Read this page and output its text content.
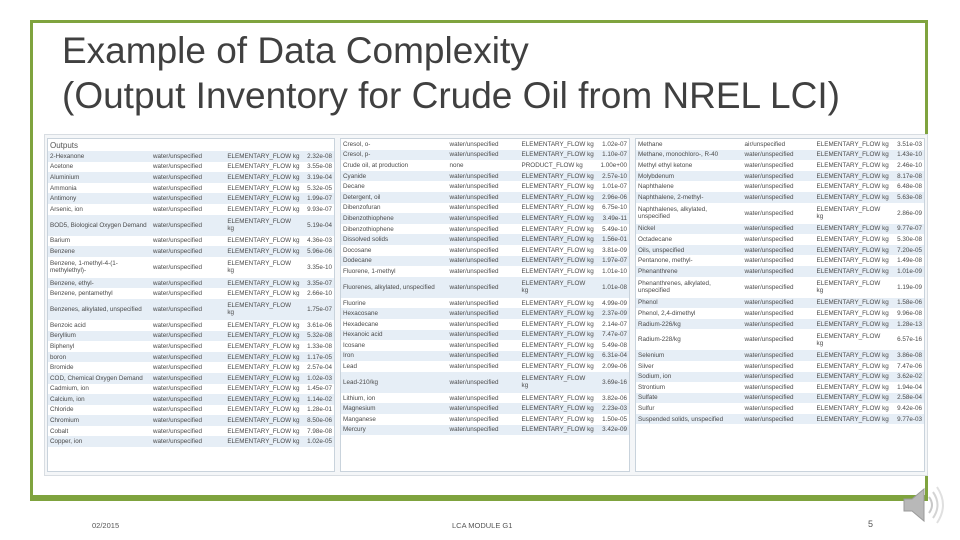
Example of Data Complexity
(Output Inventory for Crude Oil from NREL LCI)
Outputs			
2-Hexanone	water/unspecified	ELEMENTARY_FLOW kg	2.32e-08
Acetone	water/unspecified	ELEMENTARY_FLOW kg	3.55e-08
Aluminium	water/unspecified	ELEMENTARY_FLOW kg	3.19e-04
Ammonia	water/unspecified	ELEMENTARY_FLOW kg	5.32e-05
Antimony	water/unspecified	ELEMENTARY_FLOW kg	1.99e-07
Arsenic, ion	water/unspecified	ELEMENTARY_FLOW kg	9.93e-07
BOD5, Biological Oxygen Demand	water/unspecified	ELEMENTARY_FLOW kg	5.19e-04
Barium	water/unspecified	ELEMENTARY_FLOW kg	4.36e-03
Benzene	water/unspecified	ELEMENTARY_FLOW kg	5.96e-06
Benzene, 1-methyl-4-(1-methylethyl)-	water/unspecified	ELEMENTARY_FLOW kg	3.35e-10
Benzene, ethyl-	water/unspecified	ELEMENTARY_FLOW kg	3.35e-07
Benzene, pentamethyl	water/unspecified	ELEMENTARY_FLOW kg	2.66e-10
Benzenes, alkylated, unspecified	water/unspecified	ELEMENTARY_FLOW kg	1.75e-07
Benzoic acid	water/unspecified	ELEMENTARY_FLOW kg	3.61e-06
Beryllium	water/unspecified	ELEMENTARY_FLOW kg	5.32e-08
Biphenyl	water/unspecified	ELEMENTARY_FLOW kg	1.33e-08
boron	water/unspecified	ELEMENTARY_FLOW kg	1.17e-05
Bromide	water/unspecified	ELEMENTARY_FLOW kg	2.57e-04
COD, Chemical Oxygen Demand	water/unspecified	ELEMENTARY_FLOW kg	1.02e-03
Cadmium, ion	water/unspecified	ELEMENTARY_FLOW kg	1.45e-07
Calcium, ion	water/unspecified	ELEMENTARY_FLOW kg	1.14e-02
Chloride	water/unspecified	ELEMENTARY_FLOW kg	1.28e-01
Chromium	water/unspecified	ELEMENTARY_FLOW kg	8.50e-06
Cobalt	water/unspecified	ELEMENTARY_FLOW kg	7.98e-08
Copper, ion	water/unspecified	ELEMENTARY_FLOW kg	1.02e-05
Cresol, o-	water/unspecified	ELEMENTARY_FLOW kg	1.02e-07
Cresol, p-	water/unspecified	ELEMENTARY_FLOW kg	1.10e-07
Crude oil, at production	none	PRODUCT_FLOW kg	1.00e+00
Cyanide	water/unspecified	ELEMENTARY_FLOW kg	2.57e-10
Decane	water/unspecified	ELEMENTARY_FLOW kg	1.01e-07
Detergent, oil	water/unspecified	ELEMENTARY_FLOW kg	2.96e-06
Dibenzofuran	water/unspecified	ELEMENTARY_FLOW kg	6.75e-10
Dibenzothiophene	water/unspecified	ELEMENTARY_FLOW kg	3.49e-11
Dibenzothiophene	water/unspecified	ELEMENTARY_FLOW kg	5.49e-10
Dissolved solids	water/unspecified	ELEMENTARY_FLOW kg	1.56e-01
Docosane	water/unspecified	ELEMENTARY_FLOW kg	3.81e-09
Dodecane	water/unspecified	ELEMENTARY_FLOW kg	1.97e-07
Fluorene, 1-methyl	water/unspecified	ELEMENTARY_FLOW kg	1.01e-10
Fluorenes, alkylated, unspecified	water/unspecified	ELEMENTARY_FLOW kg	1.01e-08
Fluorine	water/unspecified	ELEMENTARY_FLOW kg	4.99e-09
Hexacosane	water/unspecified	ELEMENTARY_FLOW kg	2.37e-09
Hexadecane	water/unspecified	ELEMENTARY_FLOW kg	2.14e-07
Hexanoic acid	water/unspecified	ELEMENTARY_FLOW kg	7.47e-07
Icosane	water/unspecified	ELEMENTARY_FLOW kg	5.49e-08
Iron	water/unspecified	ELEMENTARY_FLOW kg	6.31e-04
Lead	water/unspecified	ELEMENTARY_FLOW kg	2.09e-06
Lead-210/kg	water/unspecified	ELEMENTARY_FLOW kg	3.69e-16
Lithium, ion	water/unspecified	ELEMENTARY_FLOW kg	3.82e-06
Magnesium	water/unspecified	ELEMENTARY_FLOW kg	2.23e-03
Manganese	water/unspecified	ELEMENTARY_FLOW kg	1.50e-05
Mercury	water/unspecified	ELEMENTARY_FLOW kg	3.42e-09
Methane	air/unspecified	ELEMENTARY_FLOW kg	3.51e-03
Methane, monochloro-, R-40	water/unspecified	ELEMENTARY_FLOW kg	1.43e-10
Methyl ethyl ketone	water/unspecified	ELEMENTARY_FLOW kg	2.46e-10
Molybdenum	water/unspecified	ELEMENTARY_FLOW kg	8.17e-08
Naphthalene	water/unspecified	ELEMENTARY_FLOW kg	6.48e-08
Naphthalene, 2-methyl-	water/unspecified	ELEMENTARY_FLOW kg	5.63e-08
Naphthalenes, alkylated, unspecified	water/unspecified	ELEMENTARY_FLOW kg	2.86e-09
Nickel	water/unspecified	ELEMENTARY_FLOW kg	9.77e-07
Octadecane	water/unspecified	ELEMENTARY_FLOW kg	5.30e-08
Oils, unspecified	water/unspecified	ELEMENTARY_FLOW kg	7.20e-05
Pentanone, methyl-	water/unspecified	ELEMENTARY_FLOW kg	1.49e-08
Phenanthrene	water/unspecified	ELEMENTARY_FLOW kg	1.01e-09
Phenanthrenes, alkylated, unspecified	water/unspecified	ELEMENTARY_FLOW kg	1.19e-09
Phenol	water/unspecified	ELEMENTARY_FLOW kg	1.58e-06
Phenol, 2,4-dimethyl	water/unspecified	ELEMENTARY_FLOW kg	9.96e-08
Radium-226/kg	water/unspecified	ELEMENTARY_FLOW kg	1.28e-13
Radium-228/kg	water/unspecified	ELEMENTARY_FLOW kg	6.57e-16
Selenium	water/unspecified	ELEMENTARY_FLOW kg	3.86e-08
Silver	water/unspecified	ELEMENTARY_FLOW kg	7.47e-06
Sodium, ion	water/unspecified	ELEMENTARY_FLOW kg	3.62e-02
Strontium	water/unspecified	ELEMENTARY_FLOW kg	1.94e-04
Sulfate	water/unspecified	ELEMENTARY_FLOW kg	2.58e-04
Sulfur	water/unspecified	ELEMENTARY_FLOW kg	9.42e-06
Suspended solids, unspecified	water/unspecified	ELEMENTARY_FLOW kg	9.77e-03
02/2015	LCA MODULE G1	5
